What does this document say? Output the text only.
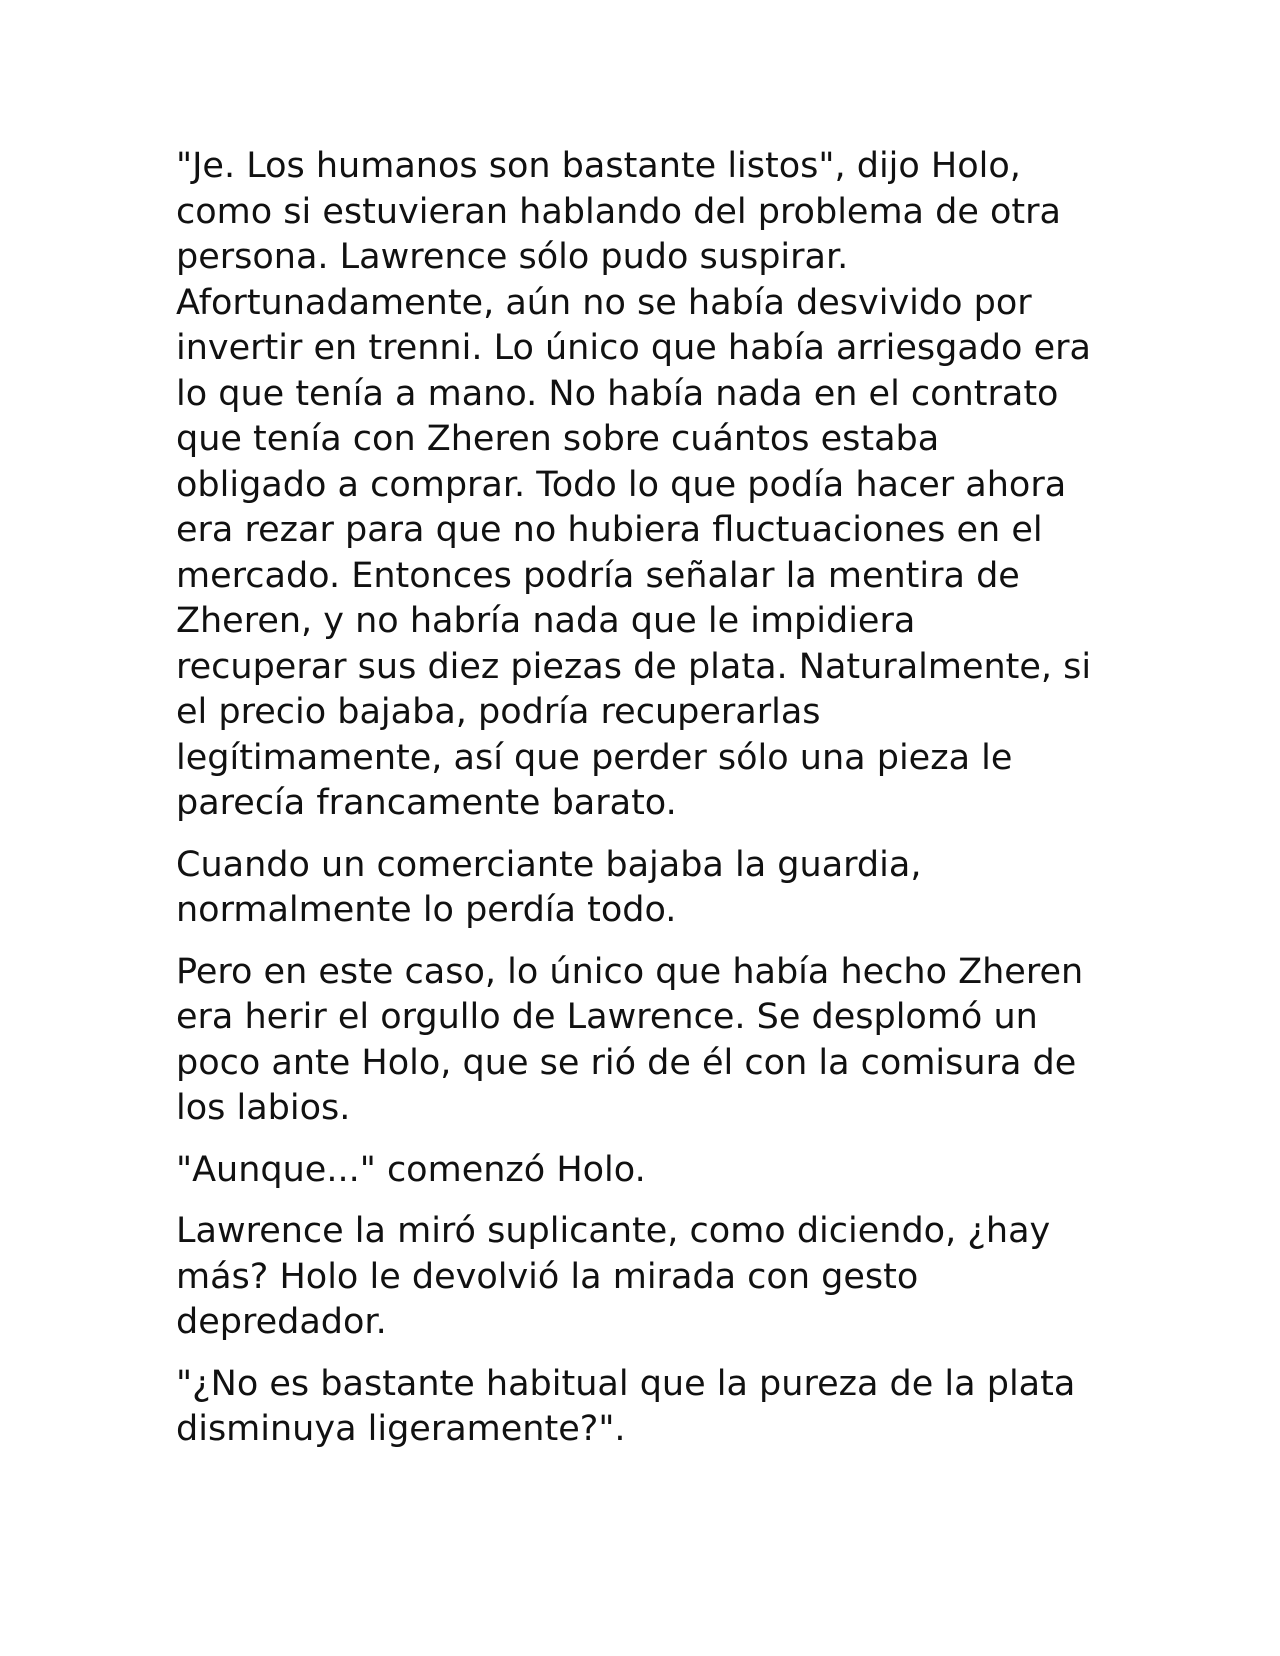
"Je. Los humanos son bastante listos", dijo Holo, como si estuvieran hablando del problema de otra persona. Lawrence sólo pudo suspirar. Afortunadamente, aún no se había desvivido por invertir en trenni. Lo único que había arriesgado era lo que tenía a mano. No había nada en el contrato que tenía con Zheren sobre cuántos estaba obligado a comprar. Todo lo que podía hacer ahora era rezar para que no hubiera fluctuaciones en el mercado. Entonces podría señalar la mentira de Zheren, y no habría nada que le impidiera recuperar sus diez piezas de plata. Naturalmente, si el precio bajaba, podría recuperarlas legítimamente, así que perder sólo una pieza le parecía francamente barato.

Cuando un comerciante bajaba la guardia, normalmente lo perdía todo.

Pero en este caso, lo único que había hecho Zheren era herir el orgullo de Lawrence. Se desplomó un poco ante Holo, que se rió de él con la comisura de los labios.

"Aunque..." comenzó Holo.

Lawrence la miró suplicante, como diciendo, ¿hay más? Holo le devolvió la mirada con gesto depredador.

"¿No es bastante habitual que la pureza de la plata disminuya ligeramente?".
